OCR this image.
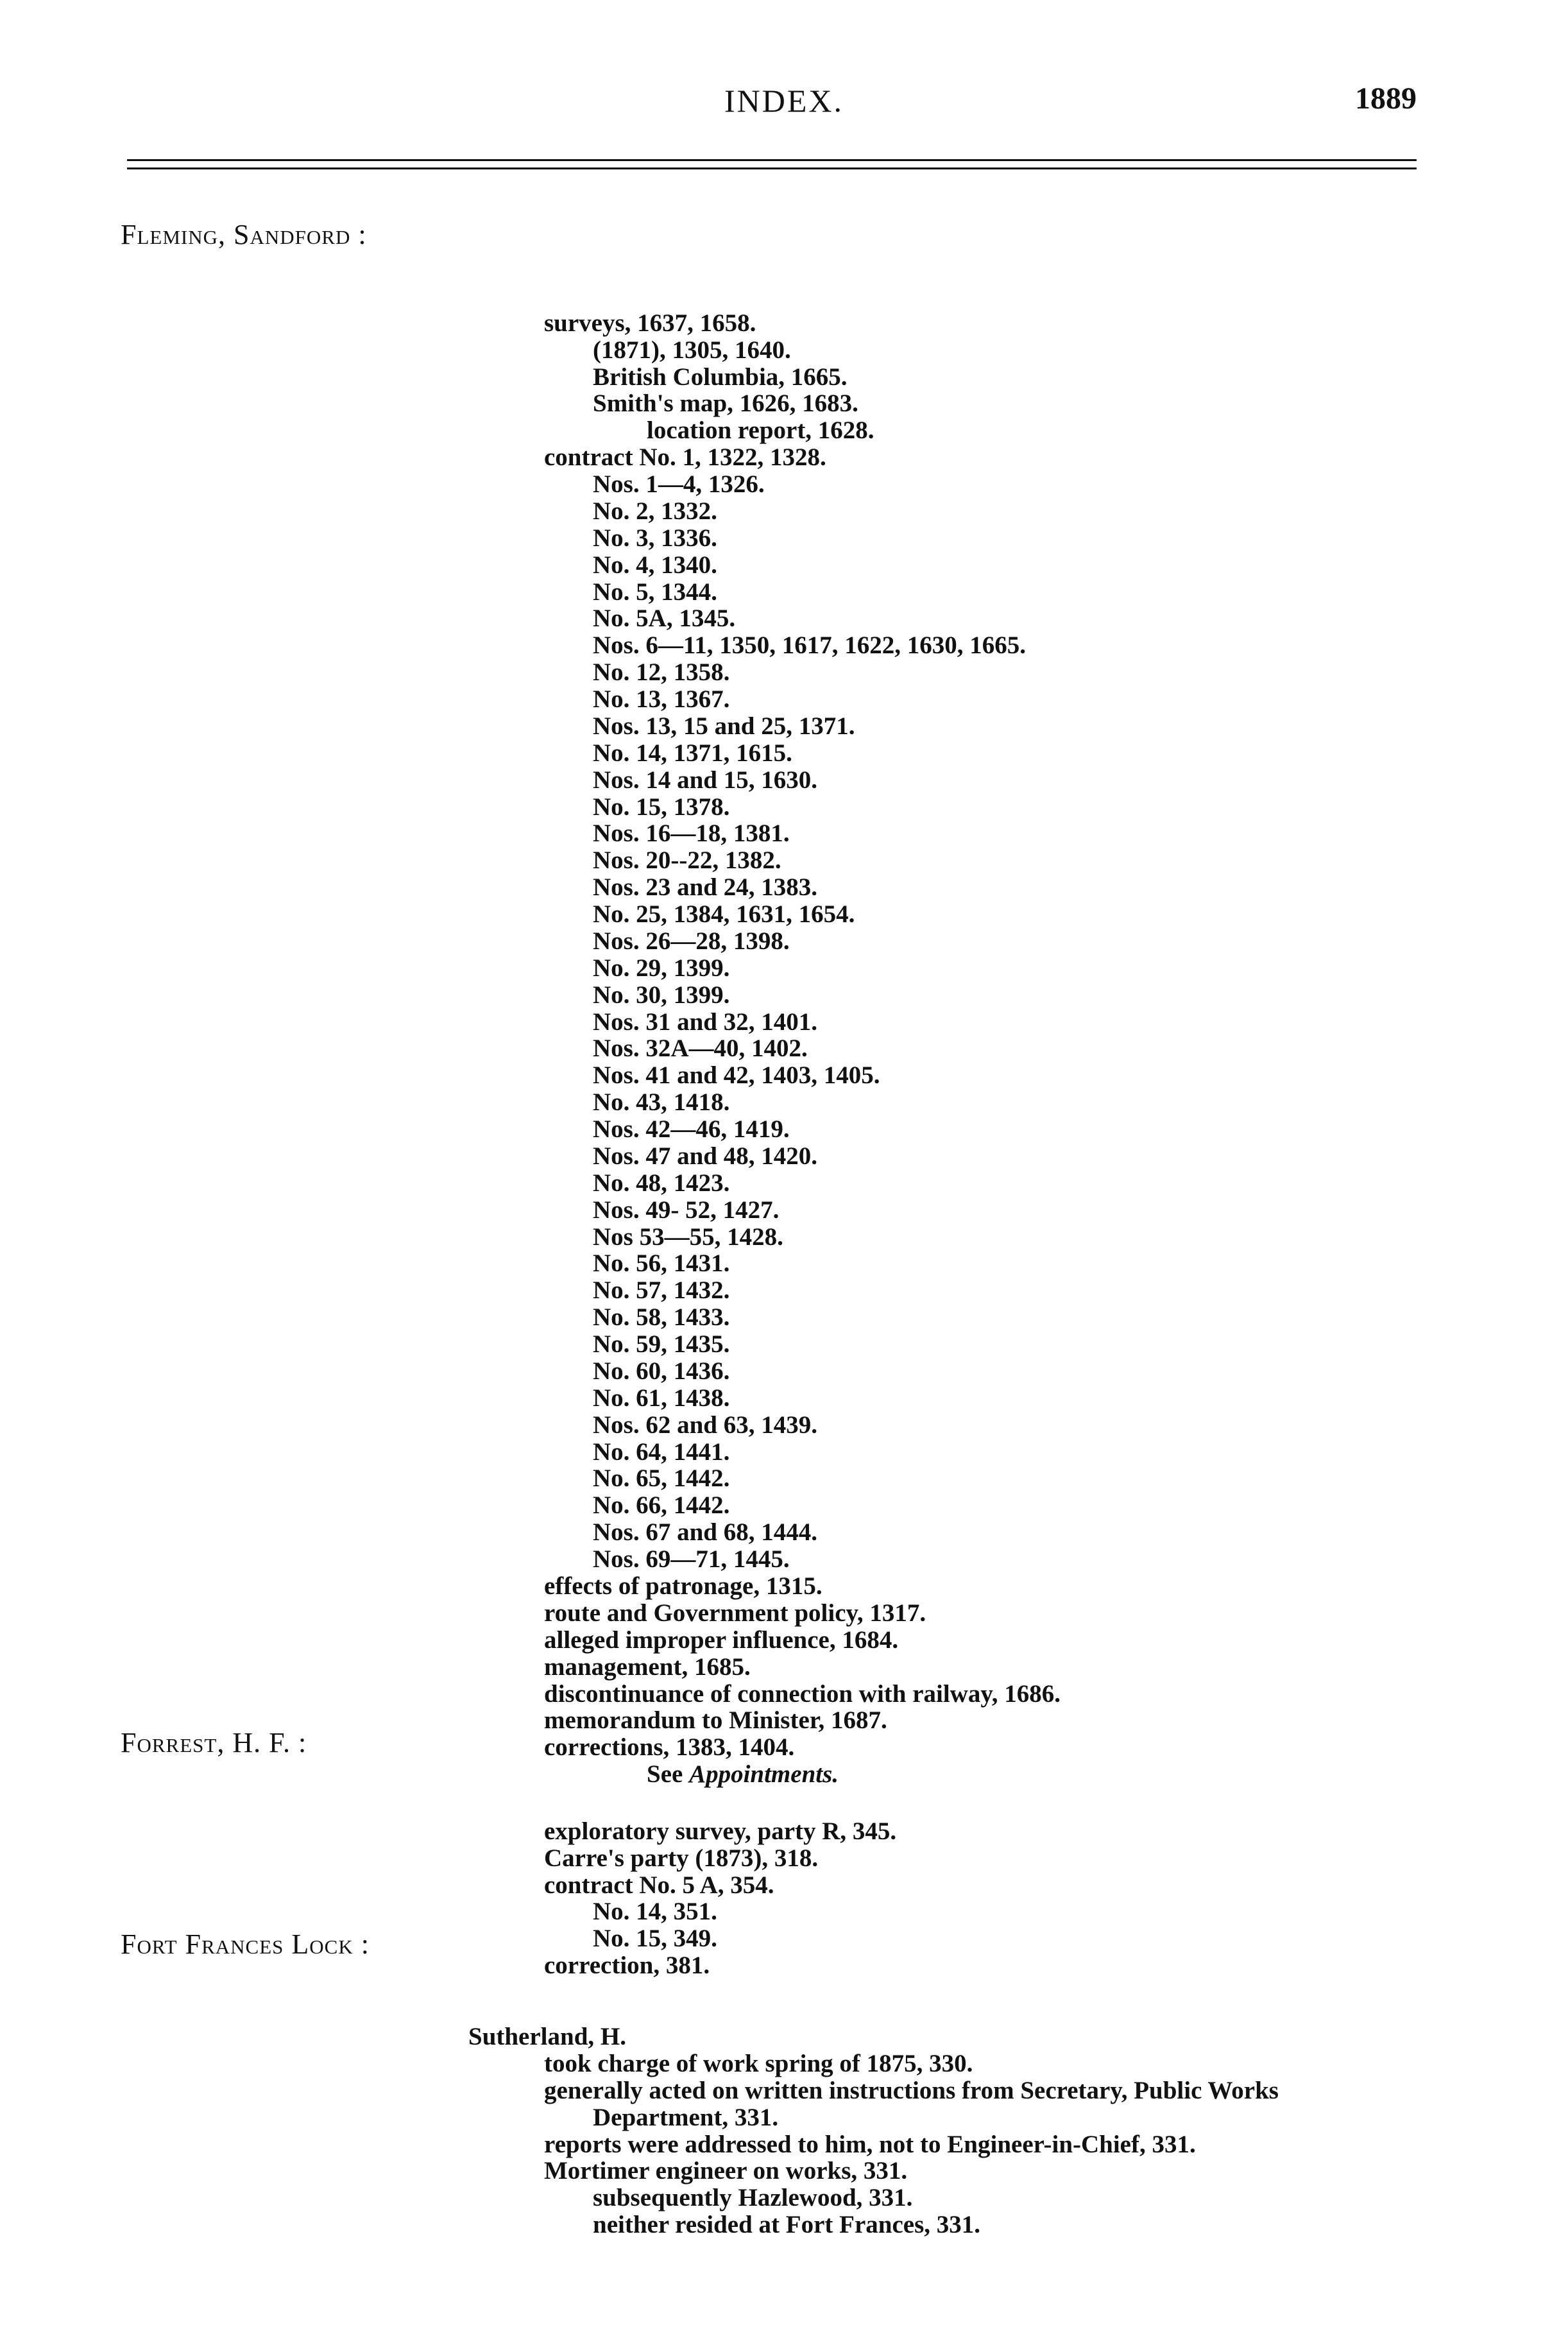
INDEX.	1889
Fleming, Sandford :
Forrest, H. F. :
Fort Frances Lock :
surveys, 1637, 1658.
(1871), 1305, 1640.
British Columbia, 1665.
Smith's map, 1626, 1683.
location report, 1628.
contract No. 1, 1322, 1328.
Nos. 1—4, 1326.
No. 2, 1332.
No. 3, 1336.
No. 4, 1340.
No. 5, 1344.
No. 5A, 1345.
Nos. 6—11, 1350, 1617, 1622, 1630, 1665.
No. 12, 1358.
No. 13, 1367.
Nos. 13, 15 and 25, 1371.
No. 14, 1371, 1615.
Nos. 14 and 15, 1630.
No. 15, 1378.
Nos. 16—18, 1381.
Nos. 20--22, 1382.
Nos. 23 and 24, 1383.
No. 25, 1384, 1631, 1654.
Nos. 26—28, 1398.
No. 29, 1399.
No. 30, 1399.
Nos. 31 and 32, 1401.
Nos. 32A—40, 1402.
Nos. 41 and 42, 1403, 1405.
No. 43, 1418.
Nos. 42—46, 1419.
Nos. 47 and 48, 1420.
No. 48, 1423.
Nos. 49- 52, 1427.
Nos 53—55, 1428.
No. 56, 1431.
No. 57, 1432.
No. 58, 1433.
No. 59, 1435.
No. 60, 1436.
No. 61, 1438.
Nos. 62 and 63, 1439.
No. 64, 1441.
No. 65, 1442.
No. 66, 1442.
Nos. 67 and 68, 1444.
Nos. 69—71, 1445.
effects of patronage, 1315.
route and Government policy, 1317.
alleged improper influence, 1684.
management, 1685.
discontinuance of connection with railway, 1686.
memorandum to Minister, 1687.
corrections, 1383, 1404.
See Appointments.
exploratory survey, party R, 345.
Carre's party (1873), 318.
contract No. 5 A, 354.
No. 14, 351.
No. 15, 349.
correction, 381.
Sutherland, H.
took charge of work spring of 1875, 330.
generally acted on written instructions from Secretary, Public Works
Department, 331.
reports were addressed to him, not to Engineer-in-Chief, 331.
Mortimer engineer on works, 331.
subsequently Hazlewood, 331.
neither resided at Fort Frances, 331.
